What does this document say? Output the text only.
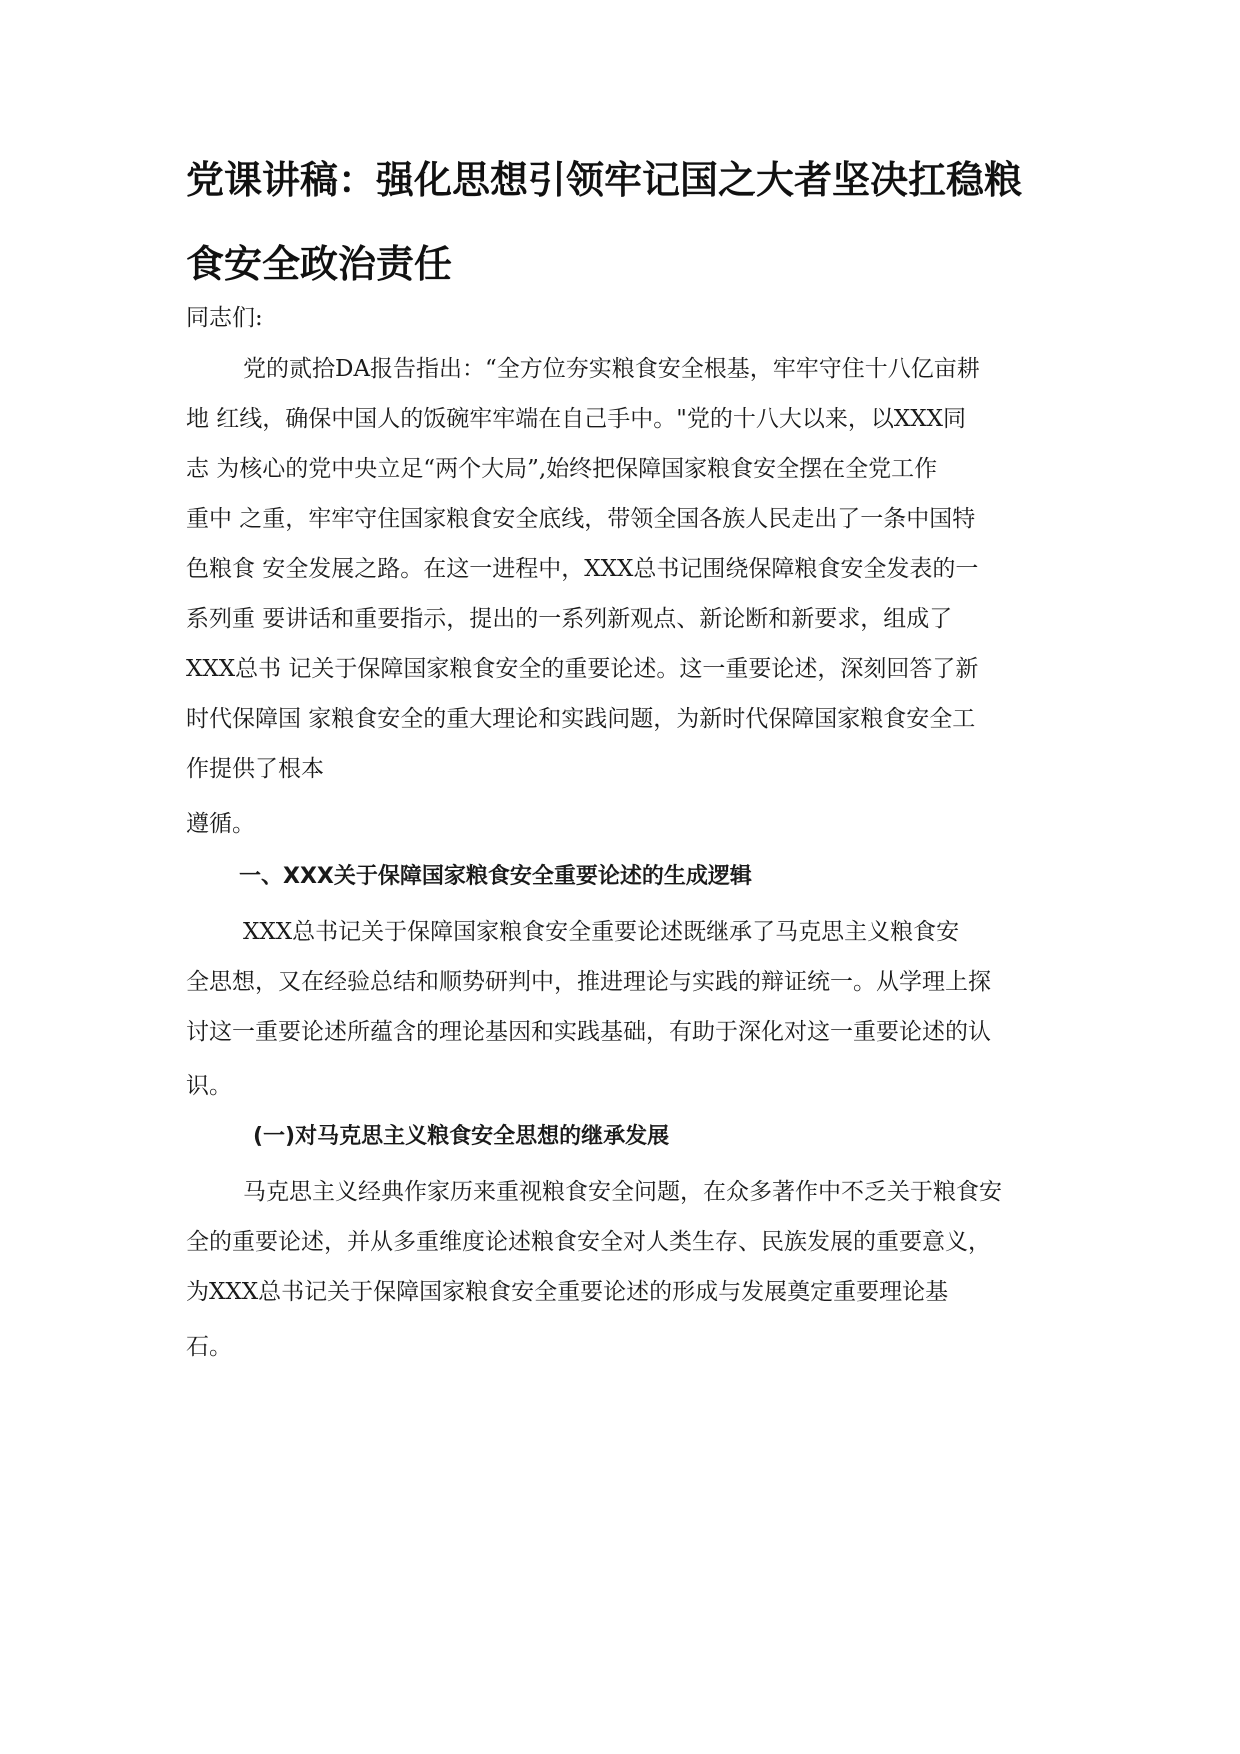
党课讲稿：强化思想引领牢记国之大者坚决扛稳粮
食安全政治责任
同志们:
党的贰拾DA报告指出：“全方位夯实粮食安全根基，牢牢守住十八亿亩耕
地 红线，确保中国人的饭碗牢牢端在自己手中。"党的十八大以来，以XXX同
志 为核心的党中央立足“两个大局”,始终把保障国家粮食安全摆在全党工作
重中 之重，牢牢守住国家粮食安全底线，带领全国各族人民走出了一条中国特
色粮食 安全发展之路。在这一进程中，XXX总书记围绕保障粮食安全发表的一
系列重 要讲话和重要指示，提出的一系列新观点、新论断和新要求，组成了
XXX总书 记关于保障国家粮食安全的重要论述。这一重要论述，深刻回答了新
时代保障国 家粮食安全的重大理论和实践问题，为新时代保障国家粮食安全工
作提供了根本
遵循。
一、XXX关于保障国家粮食安全重要论述的生成逻辑
XXX总书记关于保障国家粮食安全重要论述既继承了马克思主义粮食安
全思想，又在经验总结和顺势研判中，推进理论与实践的辩证统一。从学理上探
讨这一重要论述所蕴含的理论基因和实践基础，有助于深化对这一重要论述的认
识。
(一)对马克思主义粮食安全思想的继承发展
马克思主义经典作家历来重视粮食安全问题，在众多著作中不乏关于粮食安
全的重要论述，并从多重维度论述粮食安全对人类生存、民族发展的重要意义，
为XXX总书记关于保障国家粮食安全重要论述的形成与发展奠定重要理论基
石。
